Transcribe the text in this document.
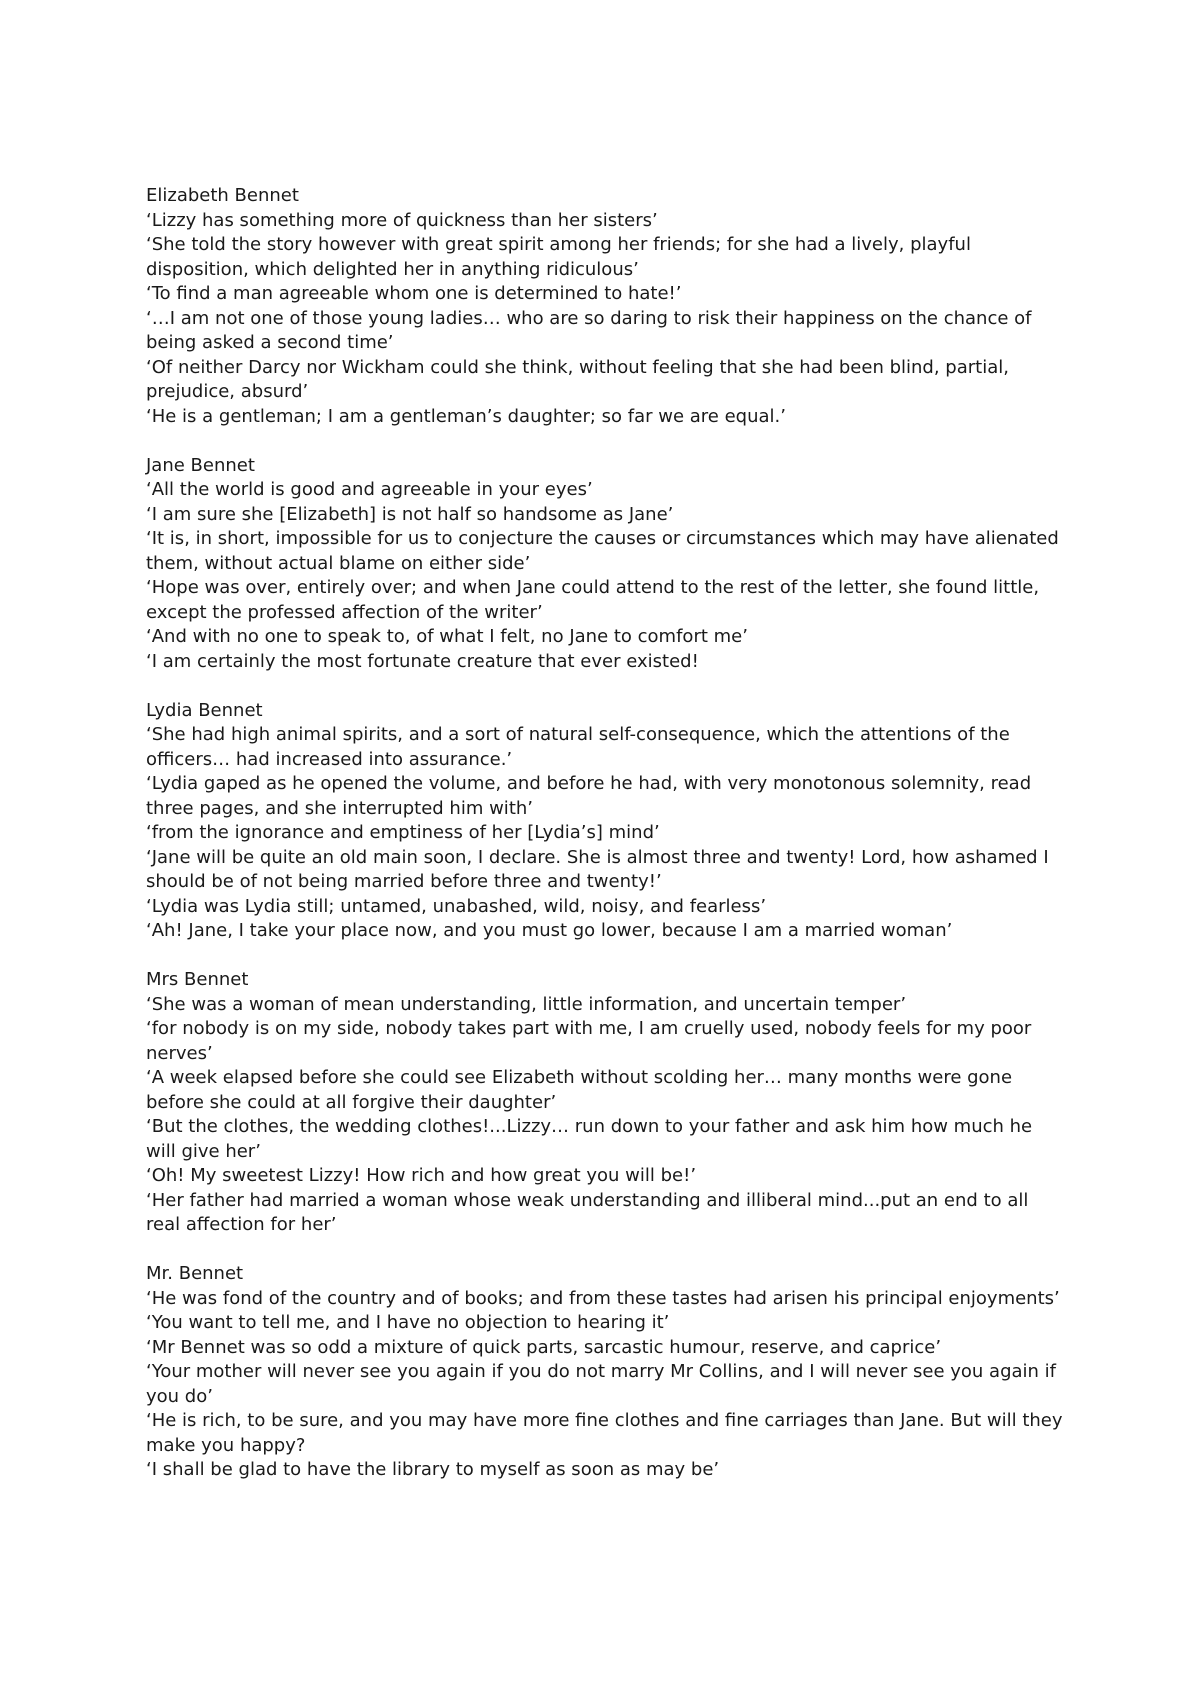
Elizabeth Bennet

‘Lizzy has something more of quickness than her sisters’

‘She told the story however with great spirit among her friends; for she had a lively, playful disposition, which delighted her in anything ridiculous’

‘To find a man agreeable whom one is determined to hate!’

‘…I am not one of those young ladies… who are so daring to risk their happiness on the chance of being asked a second time’

‘Of neither Darcy nor Wickham could she think, without feeling that she had been blind, partial, prejudice, absurd’

‘He is a gentleman; I am a gentleman’s daughter; so far we are equal.’

Jane Bennet

‘All the world is good and agreeable in your eyes’

‘I am sure she [Elizabeth] is not half so handsome as Jane’

‘It is, in short, impossible for us to conjecture the causes or circumstances which may have alienated them, without actual blame on either side’

‘Hope was over, entirely over; and when Jane could attend to the rest of the letter, she found little, except the professed affection of the writer’

‘And with no one to speak to, of what I felt, no Jane to comfort me’

‘I am certainly the most fortunate creature that ever existed!

Lydia Bennet

‘She had high animal spirits, and a sort of natural self-consequence, which the attentions of the officers… had increased into assurance.’

‘Lydia gaped as he opened the volume, and before he had, with very monotonous solemnity, read three pages, and she interrupted him with’

‘from the ignorance and emptiness of her [Lydia’s] mind’

‘Jane will be quite an old main soon, I declare. She is almost three and twenty! Lord, how ashamed I should be of not being married before three and twenty!’

‘Lydia was Lydia still; untamed, unabashed, wild, noisy, and fearless’

‘Ah! Jane, I take your place now, and you must go lower, because I am a married woman’

Mrs Bennet

‘She was a woman of mean understanding, little information, and uncertain temper’

‘for nobody is on my side, nobody takes part with me, I am cruelly used, nobody feels for my poor nerves’

‘A week elapsed before she could see Elizabeth without scolding her… many months were gone before she could at all forgive their daughter’

‘But the clothes, the wedding clothes!...Lizzy… run down to your father and ask him how much he will give her’

‘Oh! My sweetest Lizzy! How rich and how great you will be!’

‘Her father had married a woman whose weak understanding and illiberal mind...put an end to all real affection for her’

Mr. Bennet

‘He was fond of the country and of books; and from these tastes had arisen his principal enjoyments’

‘You want to tell me, and I have no objection to hearing it’

‘Mr Bennet was so odd a mixture of quick parts, sarcastic humour, reserve, and caprice’

‘Your mother will never see you again if you do not marry Mr Collins, and I will never see you again if you do’

‘He is rich, to be sure, and you may have more fine clothes and fine carriages than Jane. But will they make you happy?

‘I shall be glad to have the library to myself as soon as may be’
